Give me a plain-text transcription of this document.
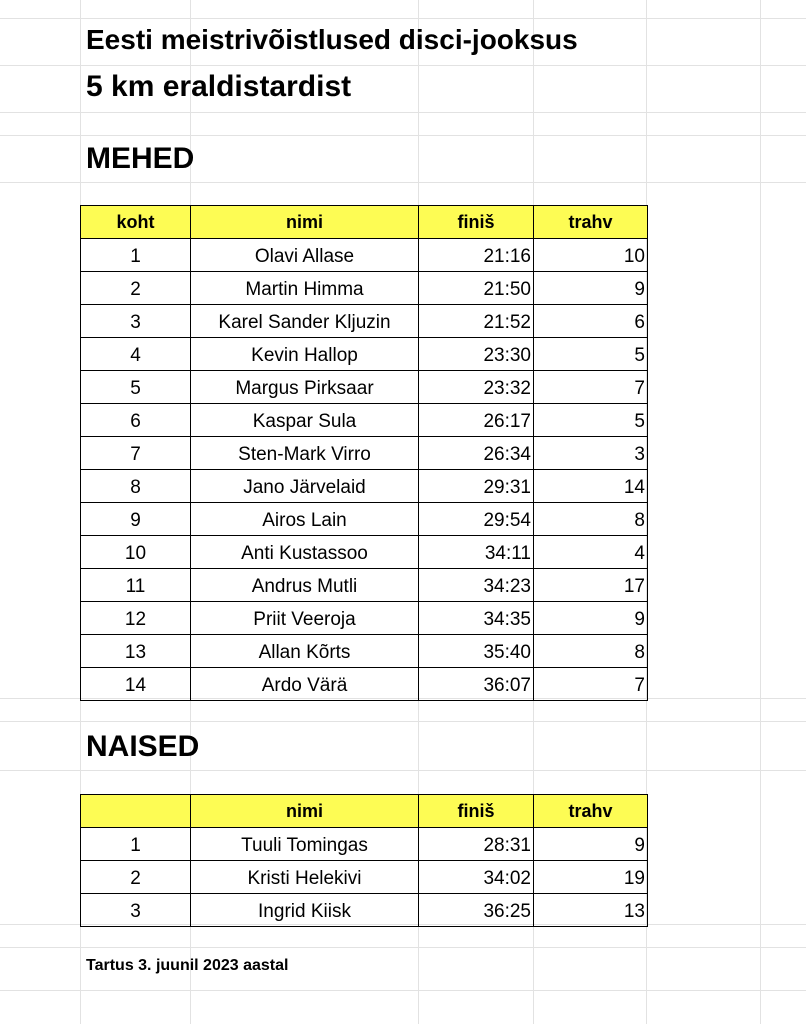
Eesti meistrivõistlused disci-jooksus
5 km eraldistardist
MEHED
koht	nimi	finiš	trahv
1	Olavi Allase	21:16	10
2	Martin Himma	21:50	9
3	Karel Sander Kljuzin	21:52	6
4	Kevin Hallop	23:30	5
5	Margus Pirksaar	23:32	7
6	Kaspar Sula	26:17	5
7	Sten-Mark Virro	26:34	3
8	Jano Järvelaid	29:31	14
9	Airos Lain	29:54	8
10	Anti Kustassoo	34:11	4
11	Andrus Mutli	34:23	17
12	Priit Veeroja	34:35	9
13	Allan Kõrts	35:40	8
14	Ardo Värä	36:07	7
NAISED
	nimi	finiš	trahv
1	Tuuli Tomingas	28:31	9
2	Kristi Helekivi	34:02	19
3	Ingrid Kiisk	36:25	13
Tartus 3. juunil 2023 aastal
